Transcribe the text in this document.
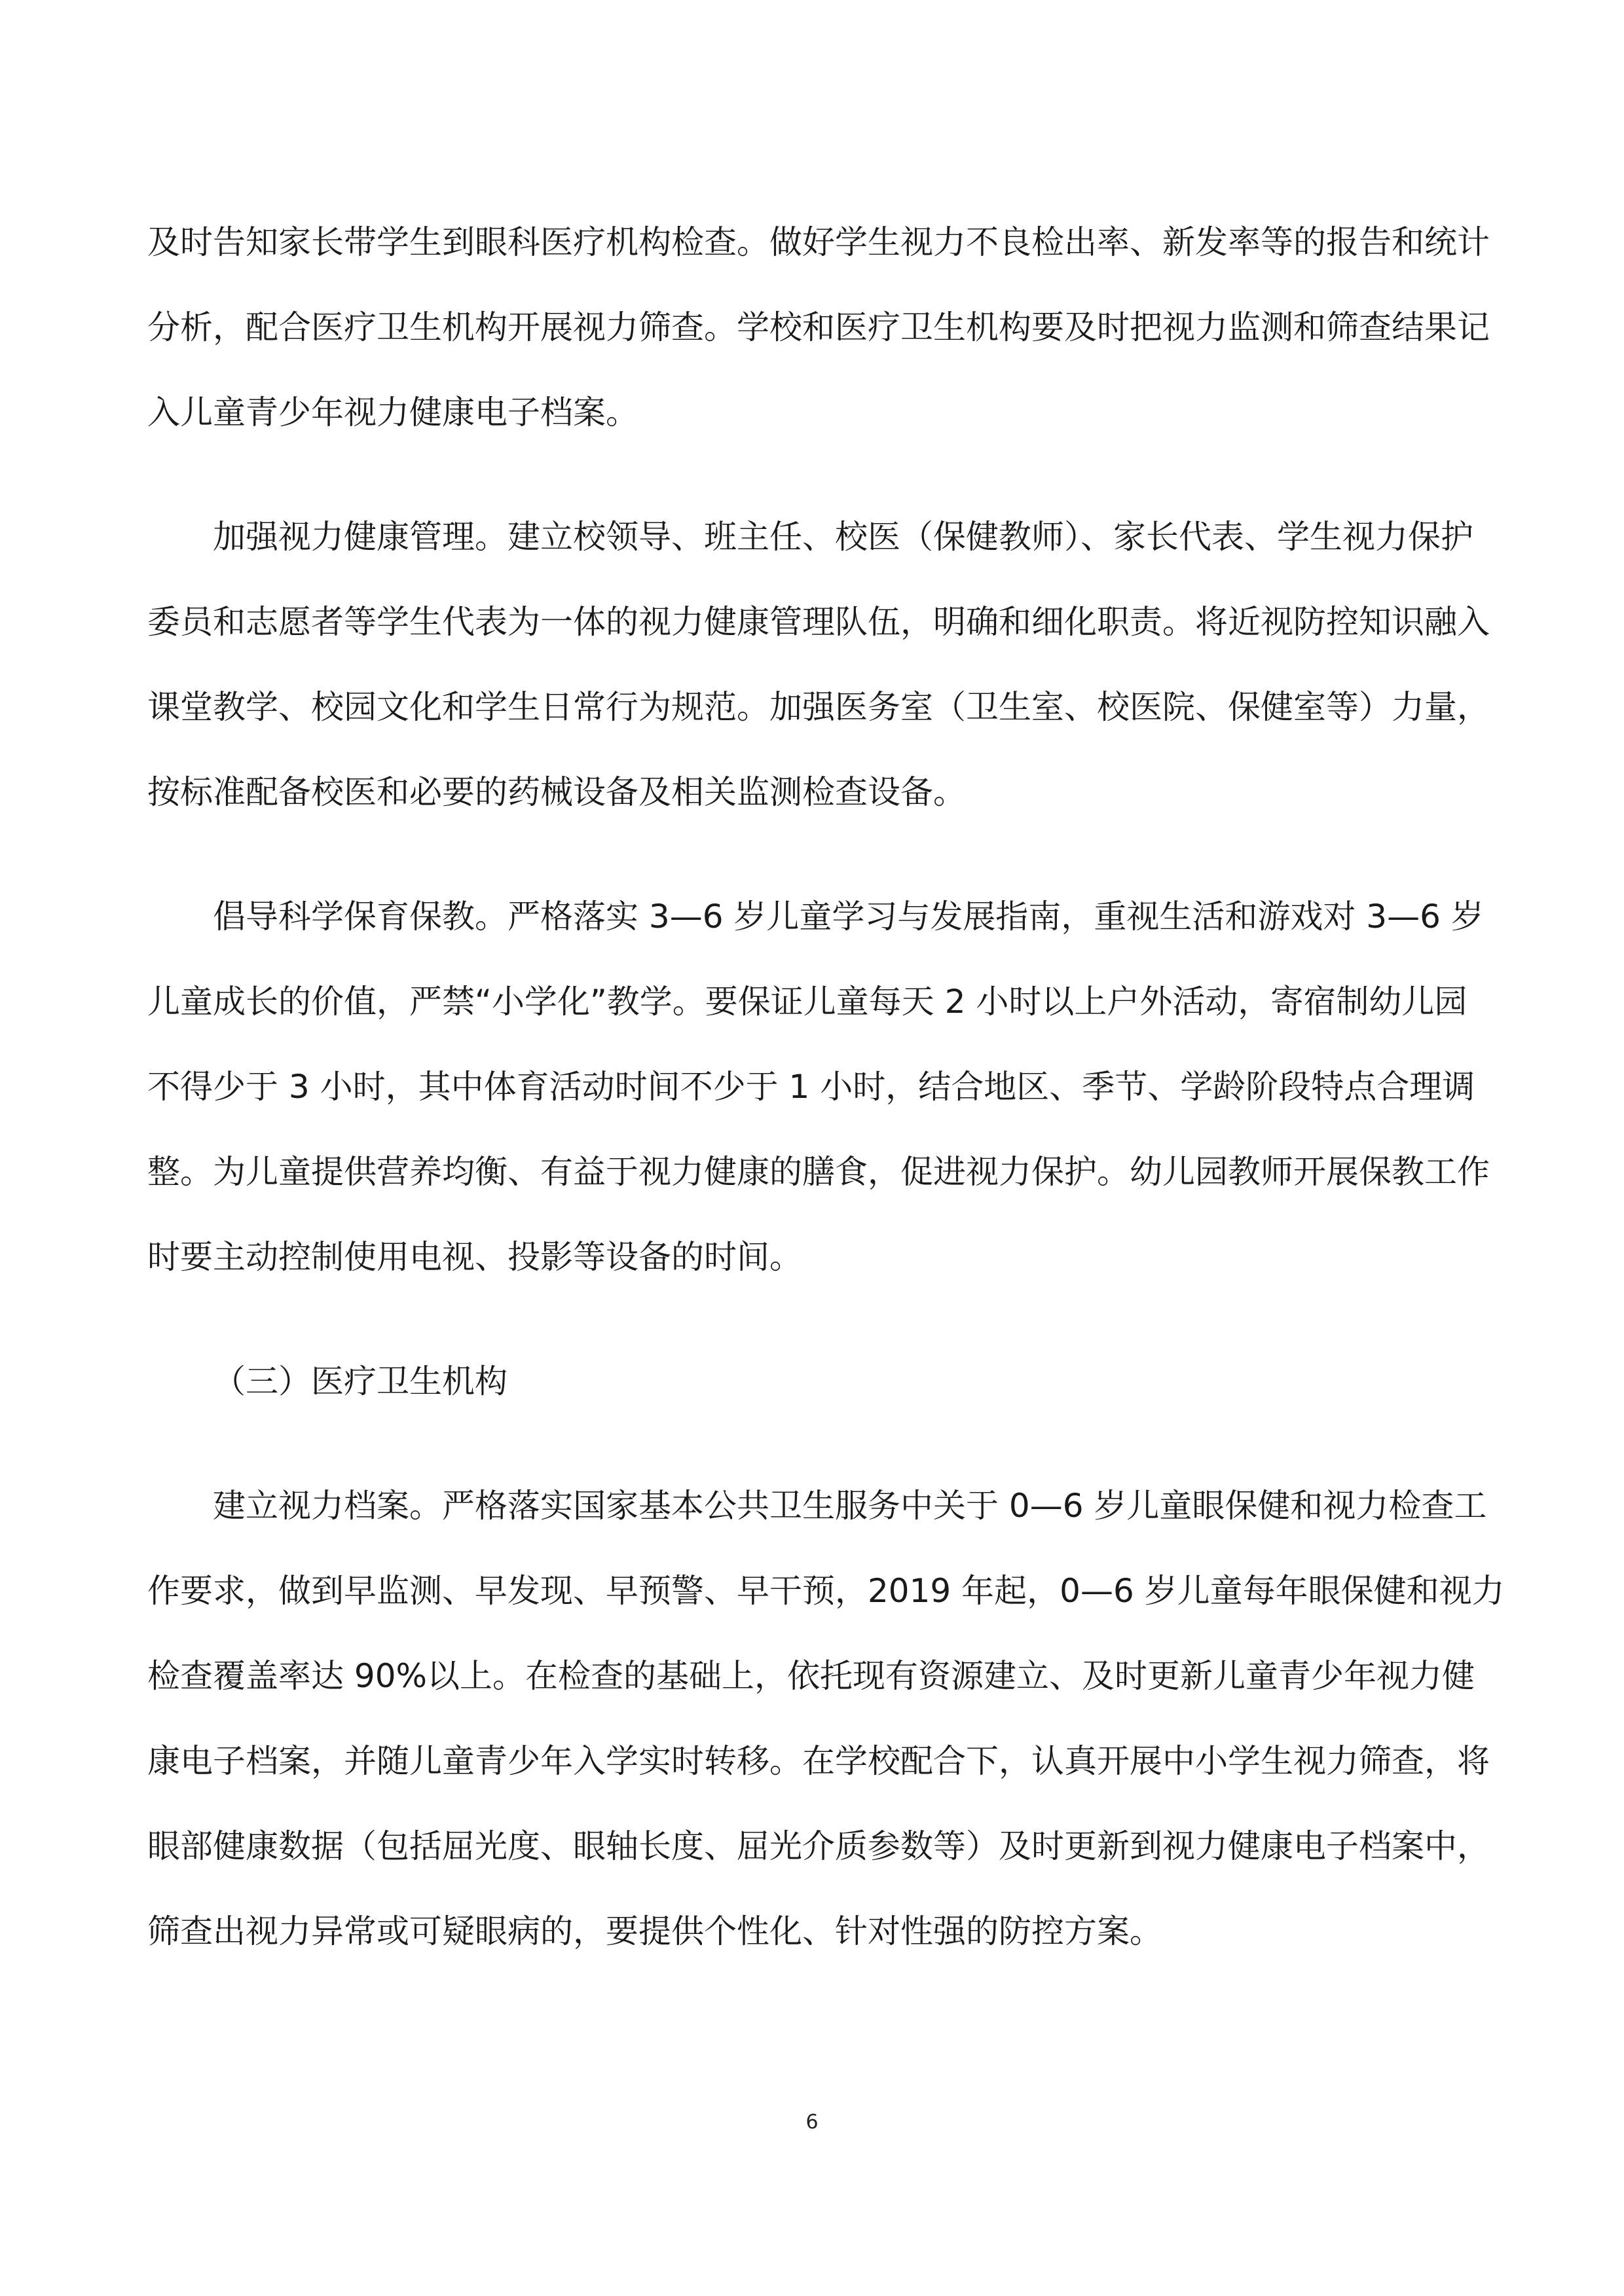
及时告知家长带学生到眼科医疗机构检查。做好学生视力不良检出率、新发率等的报告和统计

分析，配合医疗卫生机构开展视力筛查。学校和医疗卫生机构要及时把视力监测和筛查结果记

入儿童青少年视力健康电子档案。

加强视力健康管理。建立校领导、班主任、校医（保健教师）、家长代表、学生视力保护

委员和志愿者等学生代表为一体的视力健康管理队伍，明确和细化职责。将近视防控知识融入

课堂教学、校园文化和学生日常行为规范。加强医务室（卫生室、校医院、保健室等）力量，

按标准配备校医和必要的药械设备及相关监测检查设备。

倡导科学保育保教。严格落实 3—6 岁儿童学习与发展指南，重视生活和游戏对 3—6 岁

儿童成长的价值，严禁“小学化”教学。要保证儿童每天 2 小时以上户外活动，寄宿制幼儿园

不得少于 3 小时，其中体育活动时间不少于 1 小时，结合地区、季节、学龄阶段特点合理调

整。为儿童提供营养均衡、有益于视力健康的膳食，促进视力保护。幼儿园教师开展保教工作

时要主动控制使用电视、投影等设备的时间。

（三）医疗卫生机构

建立视力档案。严格落实国家基本公共卫生服务中关于 0—6 岁儿童眼保健和视力检查工

作要求，做到早监测、早发现、早预警、早干预，2019 年起，0—6 岁儿童每年眼保健和视力

检查覆盖率达 90%以上。在检查的基础上，依托现有资源建立、及时更新儿童青少年视力健

康电子档案，并随儿童青少年入学实时转移。在学校配合下，认真开展中小学生视力筛查，将

眼部健康数据（包括屈光度、眼轴长度、屈光介质参数等）及时更新到视力健康电子档案中，

筛查出视力异常或可疑眼病的，要提供个性化、针对性强的防控方案。

6
